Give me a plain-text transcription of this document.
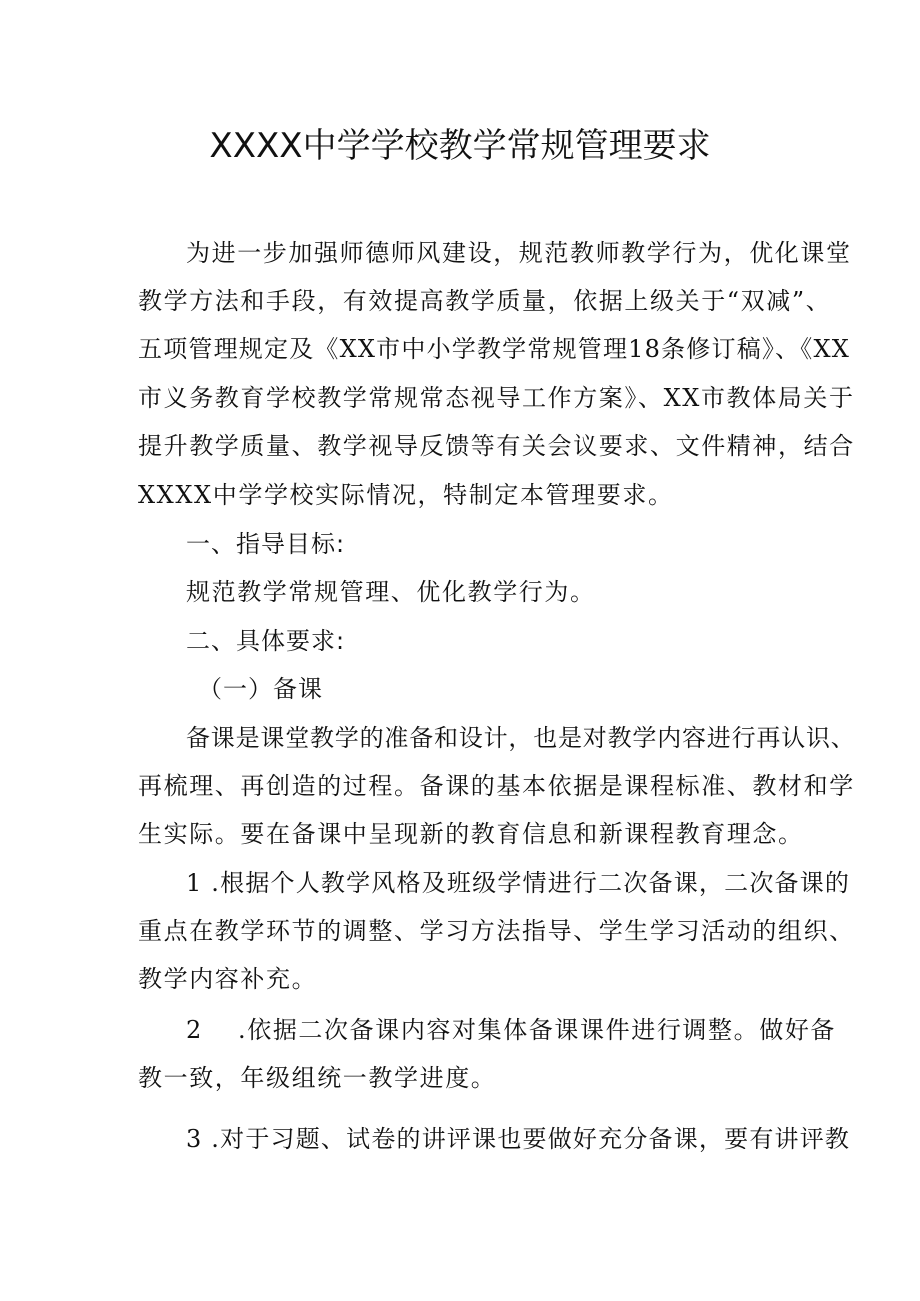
XXXX中学学校教学常规管理要求
为进一步加强师德师风建设，规范教师教学行为，优化课堂
教学方法和手段，有效提高教学质量，依据上级关于“双减”、
五项管理规定及《XX市中小学教学常规管理18条修订稿》、《XX
市义务教育学校教学常规常态视导工作方案》、XX市教体局关于
提升教学质量、教学视导反馈等有关会议要求、文件精神，结合
XXXX中学学校实际情况，特制定本管理要求。
一、指导目标:
规范教学常规管理、优化教学行为。
二、具体要求:
（一）备课
备课是课堂教学的准备和设计，也是对教学内容进行再认识、
再梳理、再创造的过程。备课的基本依据是课程标准、教材和学
生实际。要在备课中呈现新的教育信息和新课程教育理念。
1 .根据个人教学风格及班级学情进行二次备课，二次备课的
重点在教学环节的调整、学习方法指导、学生学习活动的组织、
教学内容补充。
2 .依据二次备课内容对集体备课课件进行调整。做好备
教一致，年级组统一教学进度。
3 .对于习题、试卷的讲评课也要做好充分备课，要有讲评教
